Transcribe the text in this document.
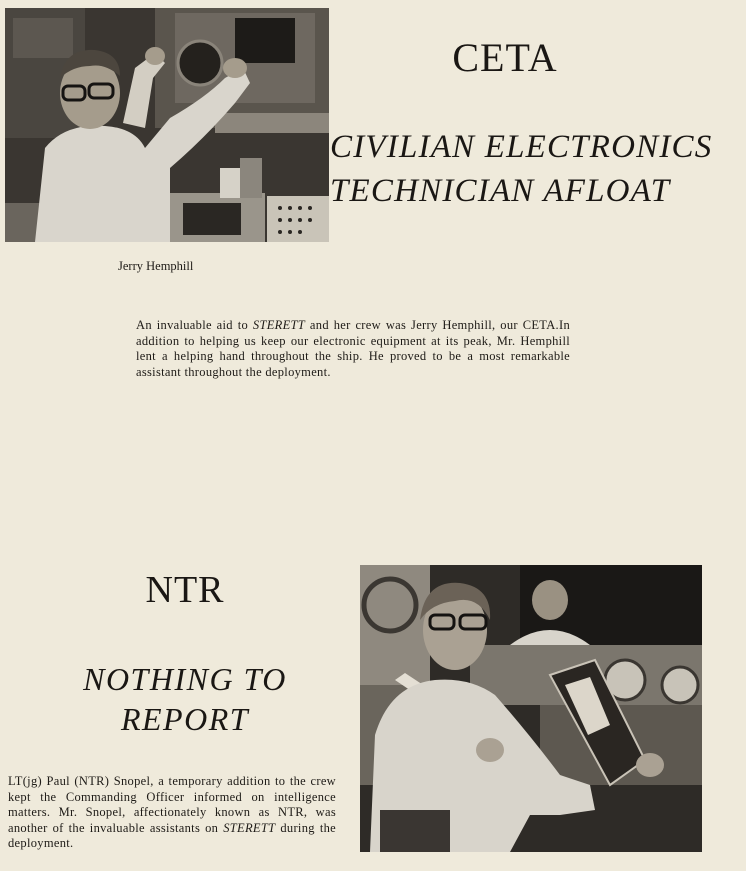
CETA
CIVILIAN ELECTRONICS
TECHNICIAN AFLOAT

Jerry Hemphill

An invaluable aid to STERETT and her crew was Jerry Hemphill, our CETA.In addition to helping us keep our electronic equipment at its peak, Mr. Hemphill lent a helping hand throughout the ship. He proved to be a most remarkable assistant throughout the deployment.

NTR
NOTHING TO
REPORT

LT(jg) Paul (NTR) Snopel, a temporary addition to the crew kept the Commanding Officer informed on intelligence matters. Mr. Snopel, affectionately known as NTR, was another of the invaluable assistants on STERETT during the deployment.
